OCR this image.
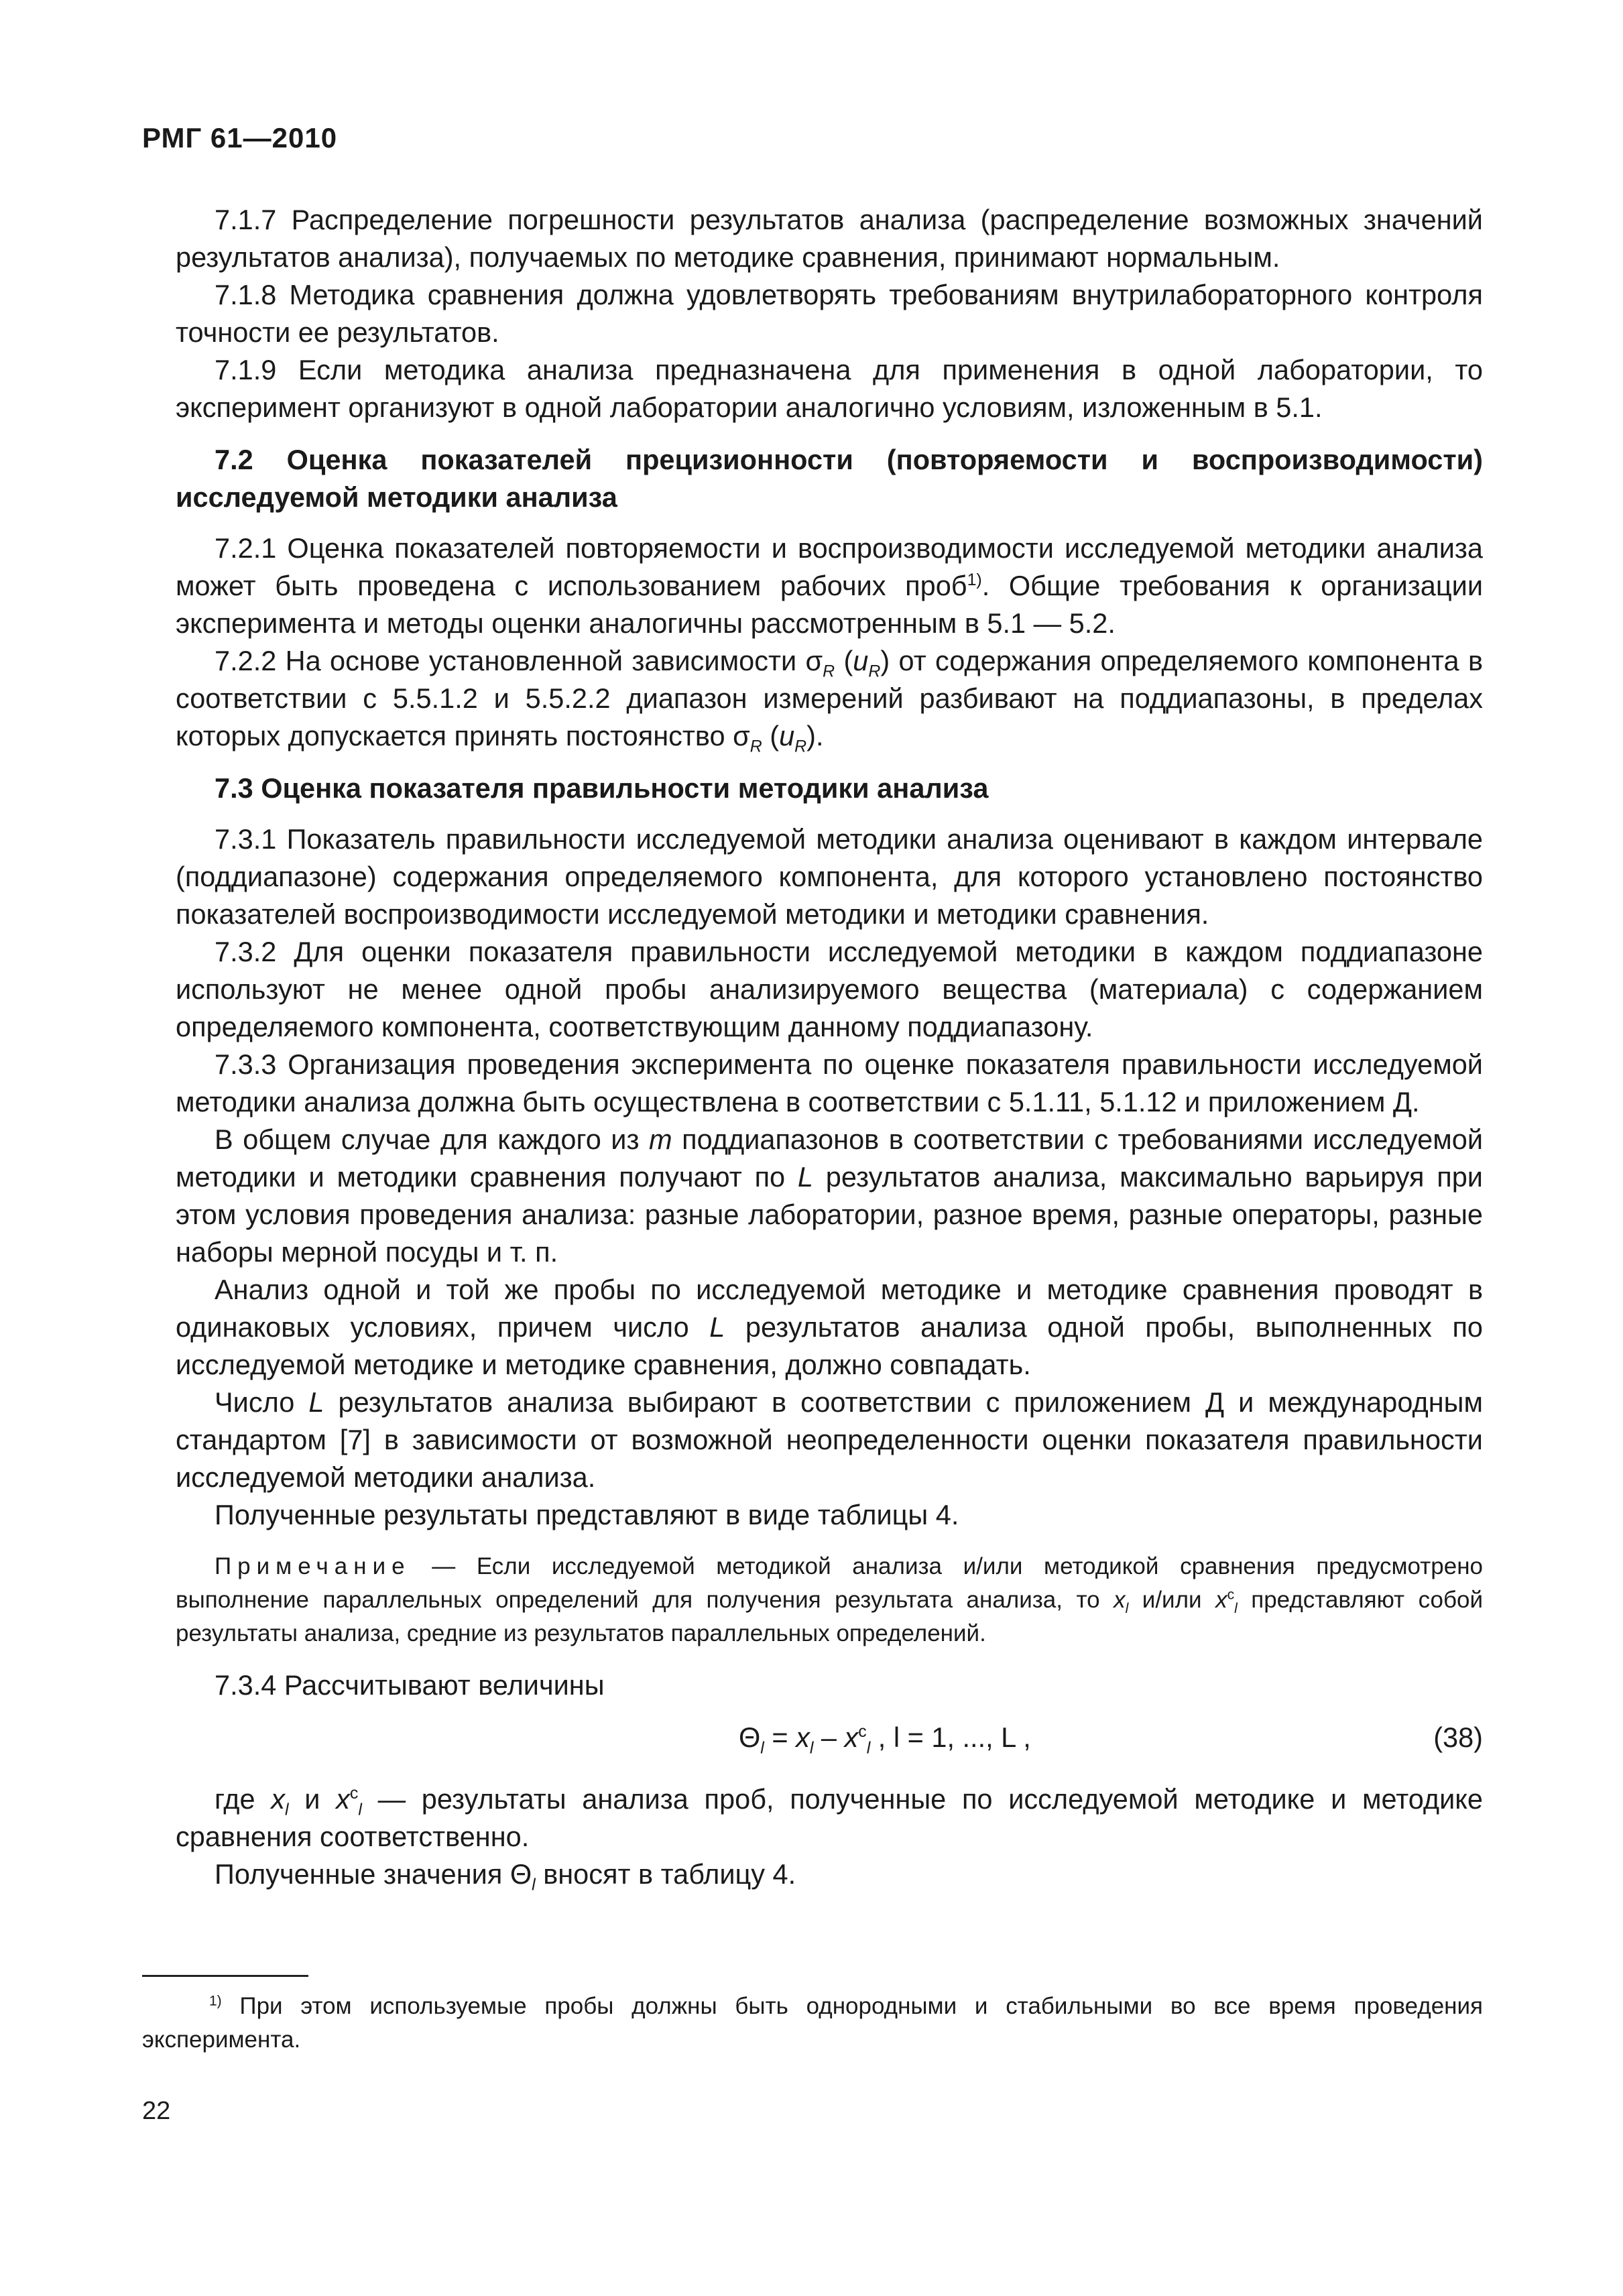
РМГ 61—2010

7.1.7 Распределение погрешности результатов анализа (распределение возможных значений результатов анализа), получаемых по методике сравнения, принимают нормальным.

7.1.8 Методика сравнения должна удовлетворять требованиям внутрилабораторного контроля точности ее результатов.

7.1.9 Если методика анализа предназначена для применения в одной лаборатории, то эксперимент организуют в одной лаборатории аналогично условиям, изложенным в 5.1.

7.2 Оценка показателей прецизионности (повторяемости и воспроизводимости) исследуемой методики анализа

7.2.1 Оценка показателей повторяемости и воспроизводимости исследуемой методики анализа может быть проведена с использованием рабочих проб$^{1)}$. Общие требования к организации эксперимента и методы оценки аналогичны рассмотренным в 5.1 — 5.2.

7.2.2 На основе установленной зависимости $\sigma_R$ $(u_R)$ от содержания определяемого компонента в соответствии с 5.5.1.2 и 5.5.2.2 диапазон измерений разбивают на поддиапазоны, в пределах которых допускается принять постоянство $\sigma_R$ $(u_R)$.

7.3 Оценка показателя правильности методики анализа

7.3.1 Показатель правильности исследуемой методики анализа оценивают в каждом интервале (поддиапазоне) содержания определяемого компонента, для которого установлено постоянство показателей воспроизводимости исследуемой методики и методики сравнения.

7.3.2 Для оценки показателя правильности исследуемой методики в каждом поддиапазоне используют не менее одной пробы анализируемого вещества (материала) с содержанием определяемого компонента, соответствующим данному поддиапазону.

7.3.3 Организация проведения эксперимента по оценке показателя правильности исследуемой методики анализа должна быть осуществлена в соответствии с 5.1.11, 5.1.12 и приложением Д.

В общем случае для каждого из m поддиапазонов в соответствии с требованиями исследуемой методики и методики сравнения получают по L результатов анализа, максимально варьируя при этом условия проведения анализа: разные лаборатории, разное время, разные операторы, разные наборы мерной посуды и т. п.

Анализ одной и той же пробы по исследуемой методике и методике сравнения проводят в одинаковых условиях, причем число L результатов анализа одной пробы, выполненных по исследуемой методике и методике сравнения, должно совпадать.

Число L результатов анализа выбирают в соответствии с приложением Д и международным стандартом [7] в зависимости от возможной неопределенности оценки показателя правильности исследуемой методики анализа.

Полученные результаты представляют в виде таблицы 4.

Примечание — Если исследуемой методикой анализа и/или методикой сравнения предусмотрено выполнение параллельных определений для получения результата анализа, то $x_l$ и/или $x^c_l$ представляют собой результаты анализа, средние из результатов параллельных определений.

7.3.4 Рассчитывают величины

$\Theta_l = x_l - x^c_l$ , l = 1, ..., L ,	(38)

где $x_l$ и $x^c_l$ — результаты анализа проб, полученные по исследуемой методике и методике сравнения соответственно.

Полученные значения $\Theta_l$ вносят в таблицу 4.

$^{1)}$ При этом используемые пробы должны быть однородными и стабильными во все время проведения эксперимента.

22
